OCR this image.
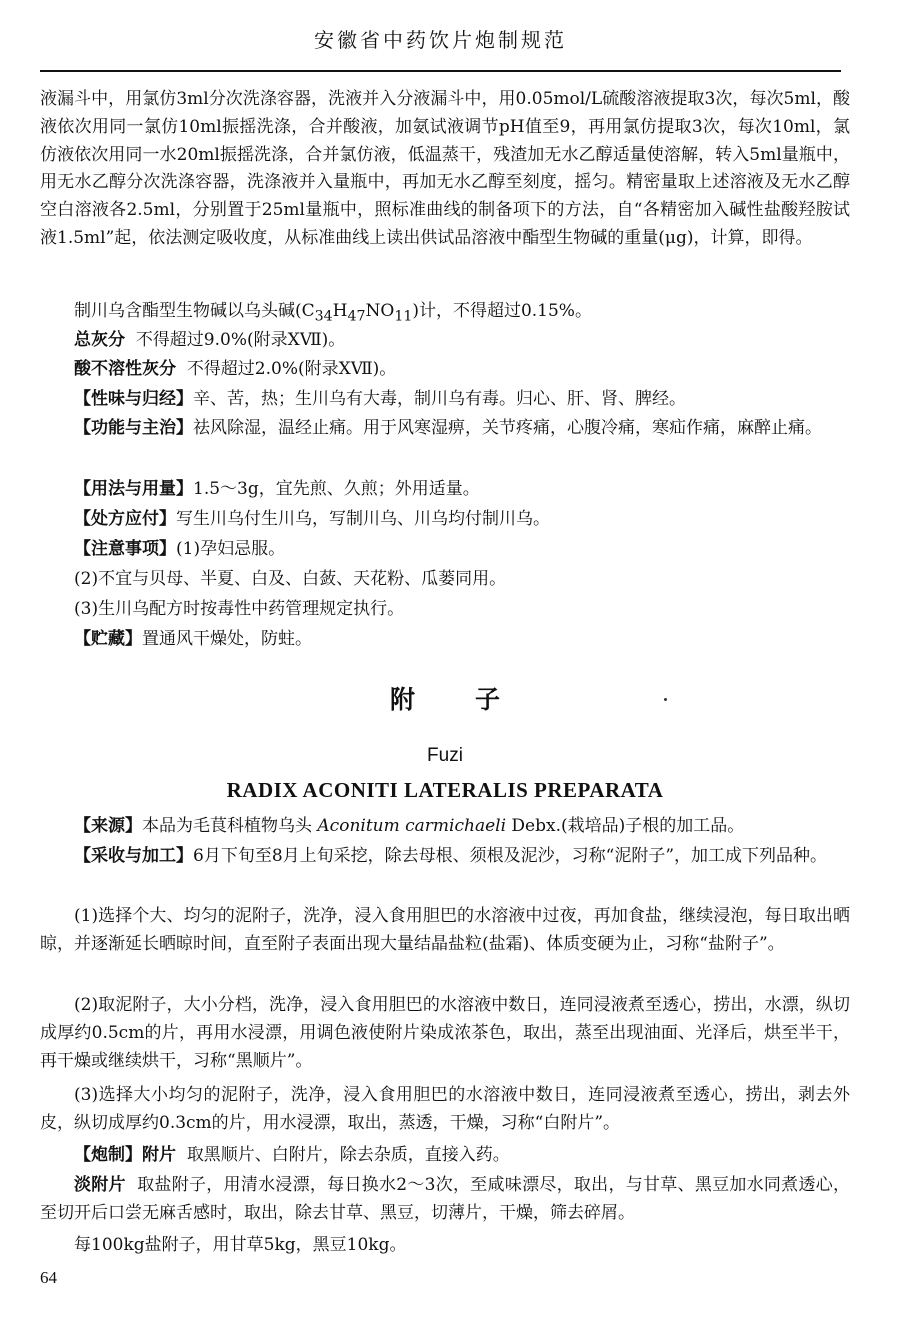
安徽省中药饮片炮制规范

液漏斗中，用氯仿3ml分次洗涤容器，洗液并入分液漏斗中，用0.05mol/L硫酸溶液提取3次，每次5ml，酸液依次用同一氯仿10ml振摇洗涤，合并酸液，加氨试液调节pH值至9，再用氯仿提取3次，每次10ml，氯仿液依次用同一水20ml振摇洗涤，合并氯仿液，低温蒸干，残渣加无水乙醇适量使溶解，转入5ml量瓶中，用无水乙醇分次洗涤容器，洗涤液并入量瓶中，再加无水乙醇至刻度，摇匀。精密量取上述溶液及无水乙醇空白溶液各2.5ml，分别置于25ml量瓶中，照标准曲线的制备项下的方法，自“各精密加入碱性盐酸羟胺试液1.5ml”起，依法测定吸收度，从标准曲线上读出供试品溶液中酯型生物碱的重量(μg)，计算，即得。

制川乌含酯型生物碱以乌头碱$(C_{34}H_{47}NO_{11})$计，不得超过0.15%。

总灰分 不得超过9.0%(附录ⅩⅦ)。

酸不溶性灰分 不得超过2.0%(附录ⅩⅦ)。

【性味与归经】辛、苦，热；生川乌有大毒，制川乌有毒。归心、肝、肾、脾经。

【功能与主治】祛风除湿，温经止痛。用于风寒湿痹，关节疼痛，心腹冷痛，寒疝作痛，麻醉止痛。

【用法与用量】1.5～3g，宜先煎、久煎；外用适量。

【处方应付】写生川乌付生川乌，写制川乌、川乌均付制川乌。

【注意事项】(1)孕妇忌服。

(2)不宜与贝母、半夏、白及、白蔹、天花粉、瓜蒌同用。

(3)生川乌配方时按毒性中药管理规定执行。

【贮藏】置通风干燥处，防蛀。

附子
Fuzi
RADIX ACONITI LATERALIS PREPARATA

【来源】本品为毛茛科植物乌头 Aconitum carmichaeli Debx.(栽培品)子根的加工品。

【采收与加工】6月下旬至8月上旬采挖，除去母根、须根及泥沙，习称“泥附子”，加工成下列品种。

(1)选择个大、均匀的泥附子，洗净，浸入食用胆巴的水溶液中过夜，再加食盐，继续浸泡，每日取出晒晾，并逐渐延长晒晾时间，直至附子表面出现大量结晶盐粒(盐霜)、体质变硬为止，习称“盐附子”。

(2)取泥附子，大小分档，洗净，浸入食用胆巴的水溶液中数日，连同浸液煮至透心，捞出，水漂，纵切成厚约0.5cm的片，再用水浸漂，用调色液使附片染成浓茶色，取出，蒸至出现油面、光泽后，烘至半干，再干燥或继续烘干，习称“黑顺片”。

(3)选择大小均匀的泥附子，洗净，浸入食用胆巴的水溶液中数日，连同浸液煮至透心，捞出，剥去外皮，纵切成厚约0.3cm的片，用水浸漂，取出，蒸透，干燥，习称“白附片”。

【炮制】附片 取黑顺片、白附片，除去杂质，直接入药。

淡附片 取盐附子，用清水浸漂，每日换水2～3次，至咸味漂尽，取出，与甘草、黑豆加水同煮透心，至切开后口尝无麻舌感时，取出，除去甘草、黑豆，切薄片，干燥，筛去碎屑。

每100kg盐附子，用甘草5kg，黑豆10kg。

64
